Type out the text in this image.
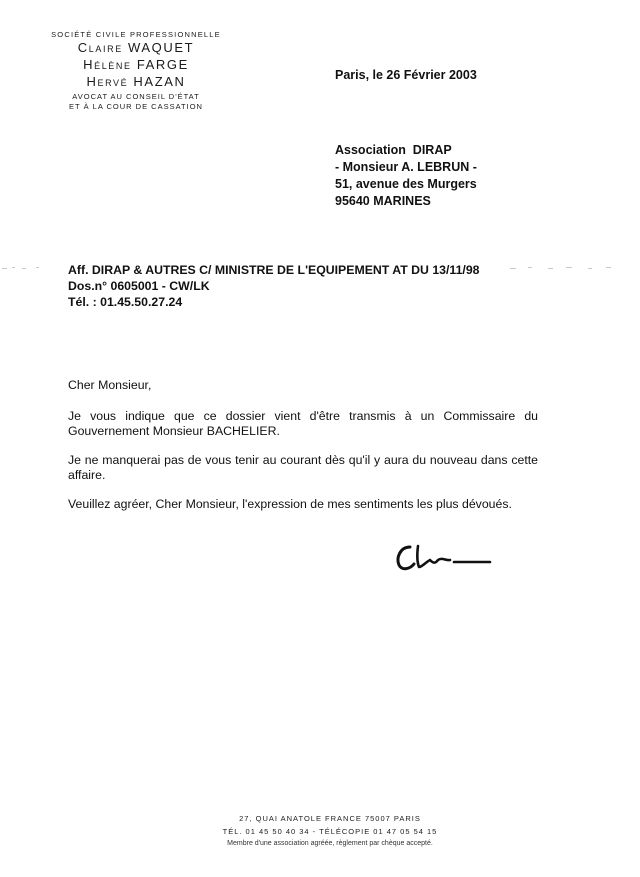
SOCIÉTÉ CIVILE PROFESSIONNELLE
Claire WAQUET
Hélène FARGE
Hervé HAZAN
AVOCAT AU CONSEIL D'ÉTAT
ET À LA COUR DE CASSATION
Paris, le 26 Février 2003
Association  DIRAP
- Monsieur A. LEBRUN -
51, avenue des Murgers
95640 MARINES
Aff. DIRAP & AUTRES C/ MINISTRE DE L'EQUIPEMENT AT DU 13/11/98
Dos.n° 0605001 - CW/LK
Tél. : 01.45.50.27.24

Cher Monsieur,

Je vous indique que ce dossier vient d'être transmis à un Commissaire du Gouvernement Monsieur BACHELIER.

Je ne manquerai pas de vous tenir au courant dès qu'il y aura du nouveau dans cette affaire.

Veuillez agréer, Cher Monsieur, l'expression de mes sentiments les plus dévoués.

27, QUAI ANATOLE FRANCE 75007 PARIS
TÉL. 01 45 50 40 34 - TÉLÉCOPIE 01 47 05 54 15
Membre d'une association agréée, règlement par chèque accepté.
